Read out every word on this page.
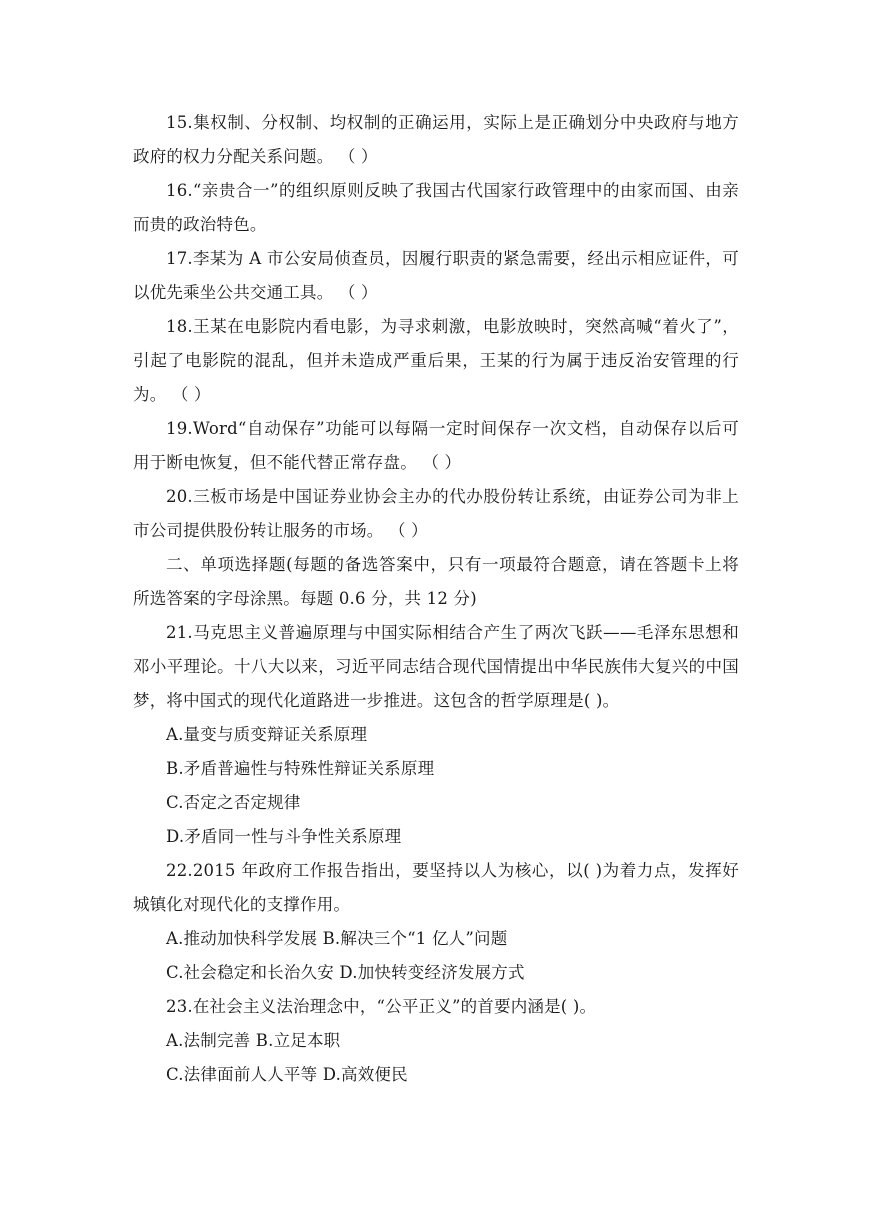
15.集权制、分权制、均权制的正确运用，实际上是正确划分中央政府与地方政府的权力分配关系问题。 （ ）

16.“亲贵合一”的组织原则反映了我国古代国家行政管理中的由家而国、由亲而贵的政治特色。

17.李某为 A 市公安局侦查员，因履行职责的紧急需要，经出示相应证件，可以优先乘坐公共交通工具。 （ ）

18.王某在电影院内看电影，为寻求刺激，电影放映时，突然高喊“着火了”，引起了电影院的混乱，但并未造成严重后果，王某的行为属于违反治安管理的行为。 （ ）

19.Word“自动保存”功能可以每隔一定时间保存一次文档，自动保存以后可用于断电恢复，但不能代替正常存盘。 （ ）

20.三板市场是中国证券业协会主办的代办股份转让系统，由证券公司为非上市公司提供股份转让服务的市场。 （ ）

二、单项选择题(每题的备选答案中，只有一项最符合题意，请在答题卡上将所选答案的字母涂黑。每题 0.6 分，共 12 分)

21.马克思主义普遍原理与中国实际相结合产生了两次飞跃——毛泽东思想和邓小平理论。十八大以来，习近平同志结合现代国情提出中华民族伟大复兴的中国梦，将中国式的现代化道路进一步推进。这包含的哲学原理是( )。

A.量变与质变辩证关系原理

B.矛盾普遍性与特殊性辩证关系原理

C.否定之否定规律

D.矛盾同一性与斗争性关系原理

22.2015 年政府工作报告指出，要坚持以人为核心，以( )为着力点，发挥好城镇化对现代化的支撑作用。

A.推动加快科学发展 B.解决三个“1 亿人”问题

C.社会稳定和长治久安 D.加快转变经济发展方式

23.在社会主义法治理念中，“公平正义”的首要内涵是( )。

A.法制完善 B.立足本职

C.法律面前人人平等 D.高效便民
